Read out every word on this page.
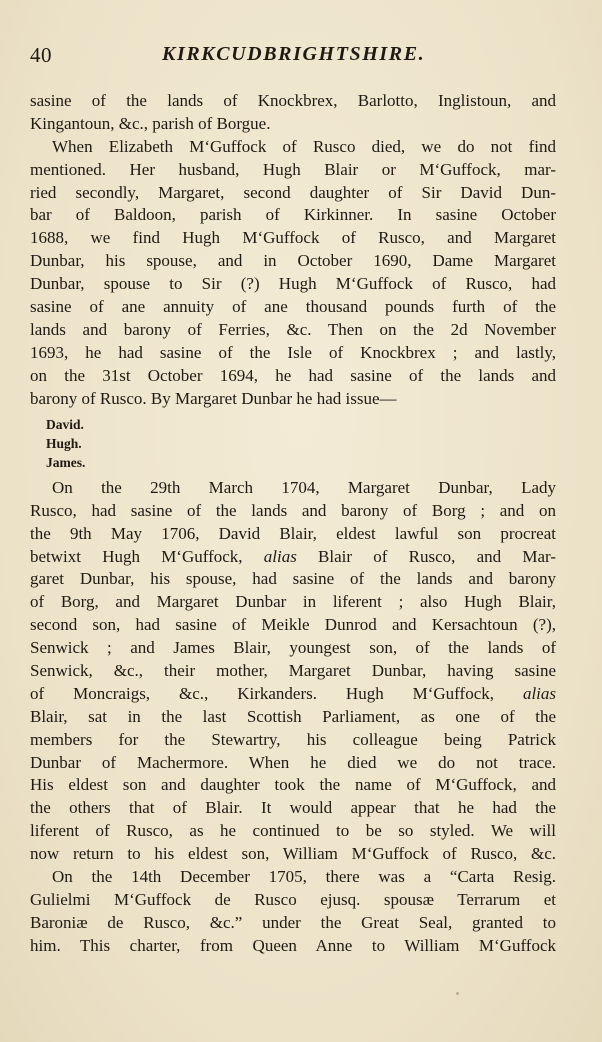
40	KIRKCUDBRIGHTSHIRE.
sasine of the lands of Knockbrex, Barlotto, Inglistoun, and
Kingantoun, &c., parish of Borgue.
When Elizabeth M‘Guffock of Rusco died, we do not find
mentioned. Her husband, Hugh Blair or M‘Guffock, mar-
ried secondly, Margaret, second daughter of Sir David Dun-
bar of Baldoon, parish of Kirkinner. In sasine October
1688, we find Hugh M‘Guffock of Rusco, and Margaret
Dunbar, his spouse, and in October 1690, Dame Margaret
Dunbar, spouse to Sir (?) Hugh M‘Guffock of Rusco, had
sasine of ane annuity of ane thousand pounds furth of the
lands and barony of Ferries, &c. Then on the 2d November
1693, he had sasine of the Isle of Knockbrex ; and lastly,
on the 31st October 1694, he had sasine of the lands and
barony of Rusco. By Margaret Dunbar he had issue—
David.
Hugh.
James.
On the 29th March 1704, Margaret Dunbar, Lady
Rusco, had sasine of the lands and barony of Borg ; and on
the 9th May 1706, David Blair, eldest lawful son procreat
betwixt Hugh M‘Guffock, alias Blair of Rusco, and Mar-
garet Dunbar, his spouse, had sasine of the lands and barony
of Borg, and Margaret Dunbar in liferent ; also Hugh Blair,
second son, had sasine of Meikle Dunrod and Kersachtoun (?),
Senwick ; and James Blair, youngest son, of the lands of
Senwick, &c., their mother, Margaret Dunbar, having sasine
of Moncraigs, &c., Kirkanders. Hugh M‘Guffock, alias
Blair, sat in the last Scottish Parliament, as one of the
members for the Stewartry, his colleague being Patrick
Dunbar of Machermore. When he died we do not trace.
His eldest son and daughter took the name of M‘Guffock, and
the others that of Blair. It would appear that he had the
liferent of Rusco, as he continued to be so styled. We will
now return to his eldest son, William M‘Guffock of Rusco, &c.
On the 14th December 1705, there was a “Carta Resig.
Gulielmi M‘Guffock de Rusco ejusq. spousæ Terrarum et
Baroniæ de Rusco, &c.” under the Great Seal, granted to
him. This charter, from Queen Anne to William M‘Guffock
